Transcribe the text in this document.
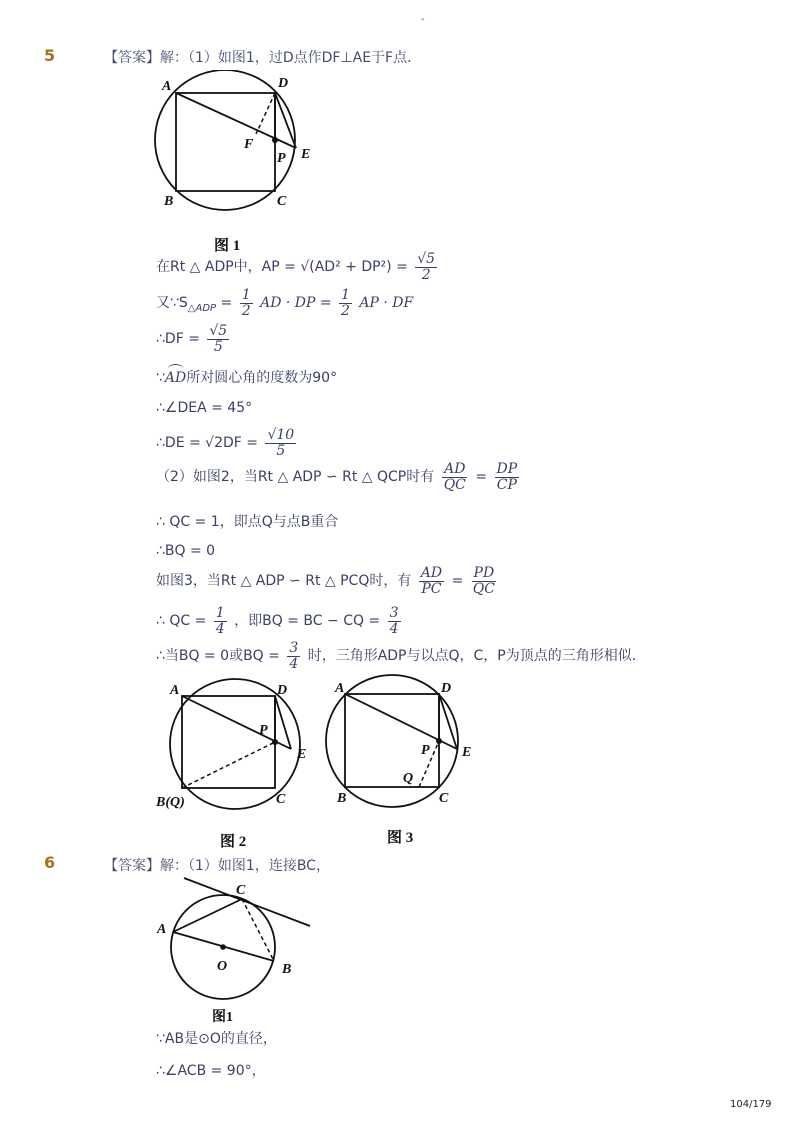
-
5	【答案】解：（1）如图1，过D点作DF⊥AE于F点．
A	D
B	C
E
F
P
图 1
在Rt △ ADP中，AP = $√(AD^2 + DP^2) = \frac{√5}{2}$
又$\because S_{\triangle ADP} = \frac{1}{2}$ AD · DP = $\frac{1}{2}$ AP · DF
∴DF = $\frac{√5}{5}$
∵
AD所对圆心角的度数为90°
∴∠DEA = 45°
∴DE = $√2DF = \frac{√10}{5}$
（2）如图2，当Rt △ ADP ∽ Rt △ QCP时有 $\frac{AD}{QC} = \frac{DP}{CP}$
∴ QC = 1，即点Q与点B重合
∴BQ = 0
如图3，当Rt △ ADP ∽ Rt △ PCQ时，有 $\frac{AD}{PC} = \frac{PD}{QC}$
∴ QC = $\frac{1}{4}$ ，即BQ = BC − CQ = $\frac{3}{4}$
∴当BQ = 0或BQ = $\frac{3}{4}$ 时，三角形ADP与以点Q，C，P为顶点的三角形相似．
A	D
P
E
B(Q)	C
图 2
A	D
P E
Q
B	C
图 3
6	【答案】解：（1）如图1，连接BC，
A
B
C
O
图1
∵AB是⊙O的直径，
∴∠ACB = 90°，
104/179
